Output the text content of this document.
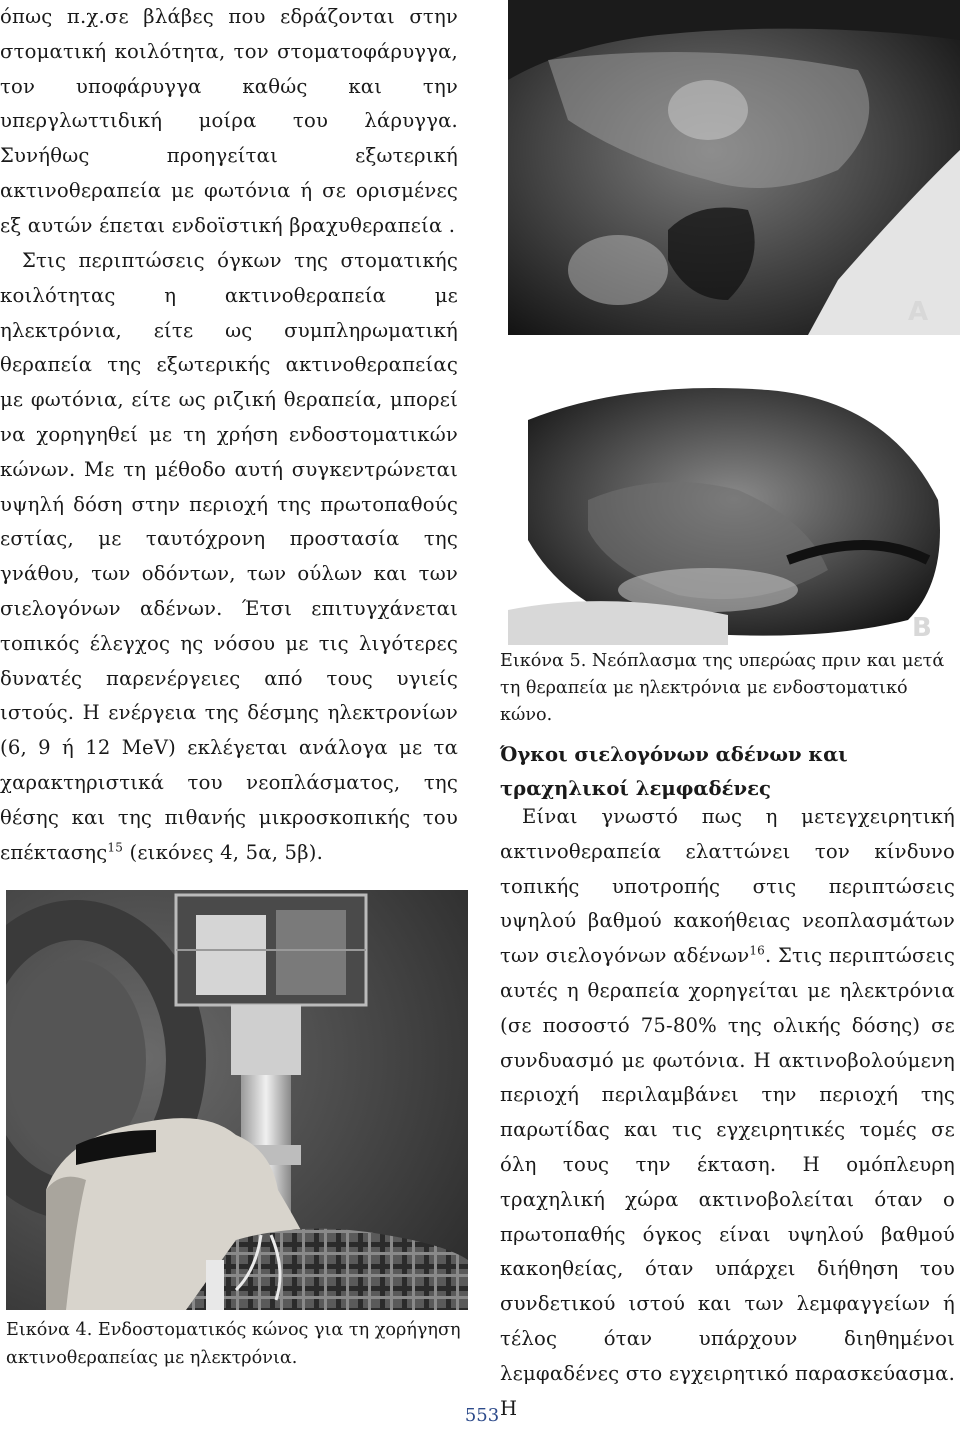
όπως π.χ.σε βλάβες που εδράζονται στην στοματική κοιλότητα, τον στοματοφάρυγγα, τον υποφάρυγγα καθώς και την υπεργλωττιδική μοίρα του λάρυγγα. Συνήθως προηγείται εξωτερική ακτινοθεραπεία με φωτόνια ή σε ορισμένες εξ αυτών έπεται ενδοϊστική βραχυθεραπεία .

Στις περιπτώσεις όγκων της στοματικής κοιλότητας η ακτινοθεραπεία με ηλεκτρόνια, είτε ως συμπληρωματική θεραπεία της εξωτερικής ακτινοθεραπείας με φωτόνια, είτε ως ριζική θεραπεία, μπορεί να χορηγηθεί με τη χρήση ενδοστοματικών κώνων. Με τη μέθοδο αυτή συγκεντρώνεται υψηλή δόση στην περιοχή της πρωτοπαθούς εστίας, με ταυτόχρονη προστασία της γνάθου, των οδόντων, των ούλων και των σιελογόνων αδένων. Έτσι επιτυγχάνεται τοπικός έλεγχος ης νόσου με τις λιγότερες δυνατές παρενέργειες από τους υγιείς ιστούς. Η ενέργεια της δέσμης ηλεκτρονίων (6, 9 ή 12 MeV) εκλέγεται ανάλογα με τα χαρακτηριστικά του νεοπλάσματος, της θέσης και της πιθανής μικροσκοπικής του επέκτασης$^{15}$ (εικόνες 4, 5α, 5β).

Εικόνα 4. Ενδοστοματικός κώνος για τη χορήγηση ακτινοθεραπείας με ηλεκτρόνια.

A
B

Εικόνα 5. Νεόπλασμα της υπερώας πριν και μετά τη θεραπεία με ηλεκτρόνια με ενδοστοματικό κώνο.

Όγκοι σιελογόνων αδένων και τραχηλικοί λεμφαδένες

Είναι γνωστό πως η μετεγχειρητική ακτινοθεραπεία ελαττώνει τον κίνδυνο τοπικής υποτροπής στις περιπτώσεις υψηλού βαθμού κακοήθειας νεοπλασμάτων των σιελογόνων αδένων$^{16}$. Στις περιπτώσεις αυτές η θεραπεία χορηγείται με ηλεκτρόνια (σε ποσοστό 75-80% της ολικής δόσης) σε συνδυασμό με φωτόνια. Η ακτινοβολούμενη περιοχή περιλαμβάνει την περιοχή της παρωτίδας και τις εγχειρητικές τομές σε όλη τους την έκταση. Η ομόπλευρη τραχηλική χώρα ακτινοβολείται όταν ο πρωτοπαθής όγκος είναι υψηλού βαθμού κακοηθείας, όταν υπάρχει διήθηση του συνδετικού ιστού και των λεμφαγγείων ή τέλος όταν υπάρχουν διηθημένοι λεμφαδένες στο εγχειρητικό παρασκεύασμα. Η

553
